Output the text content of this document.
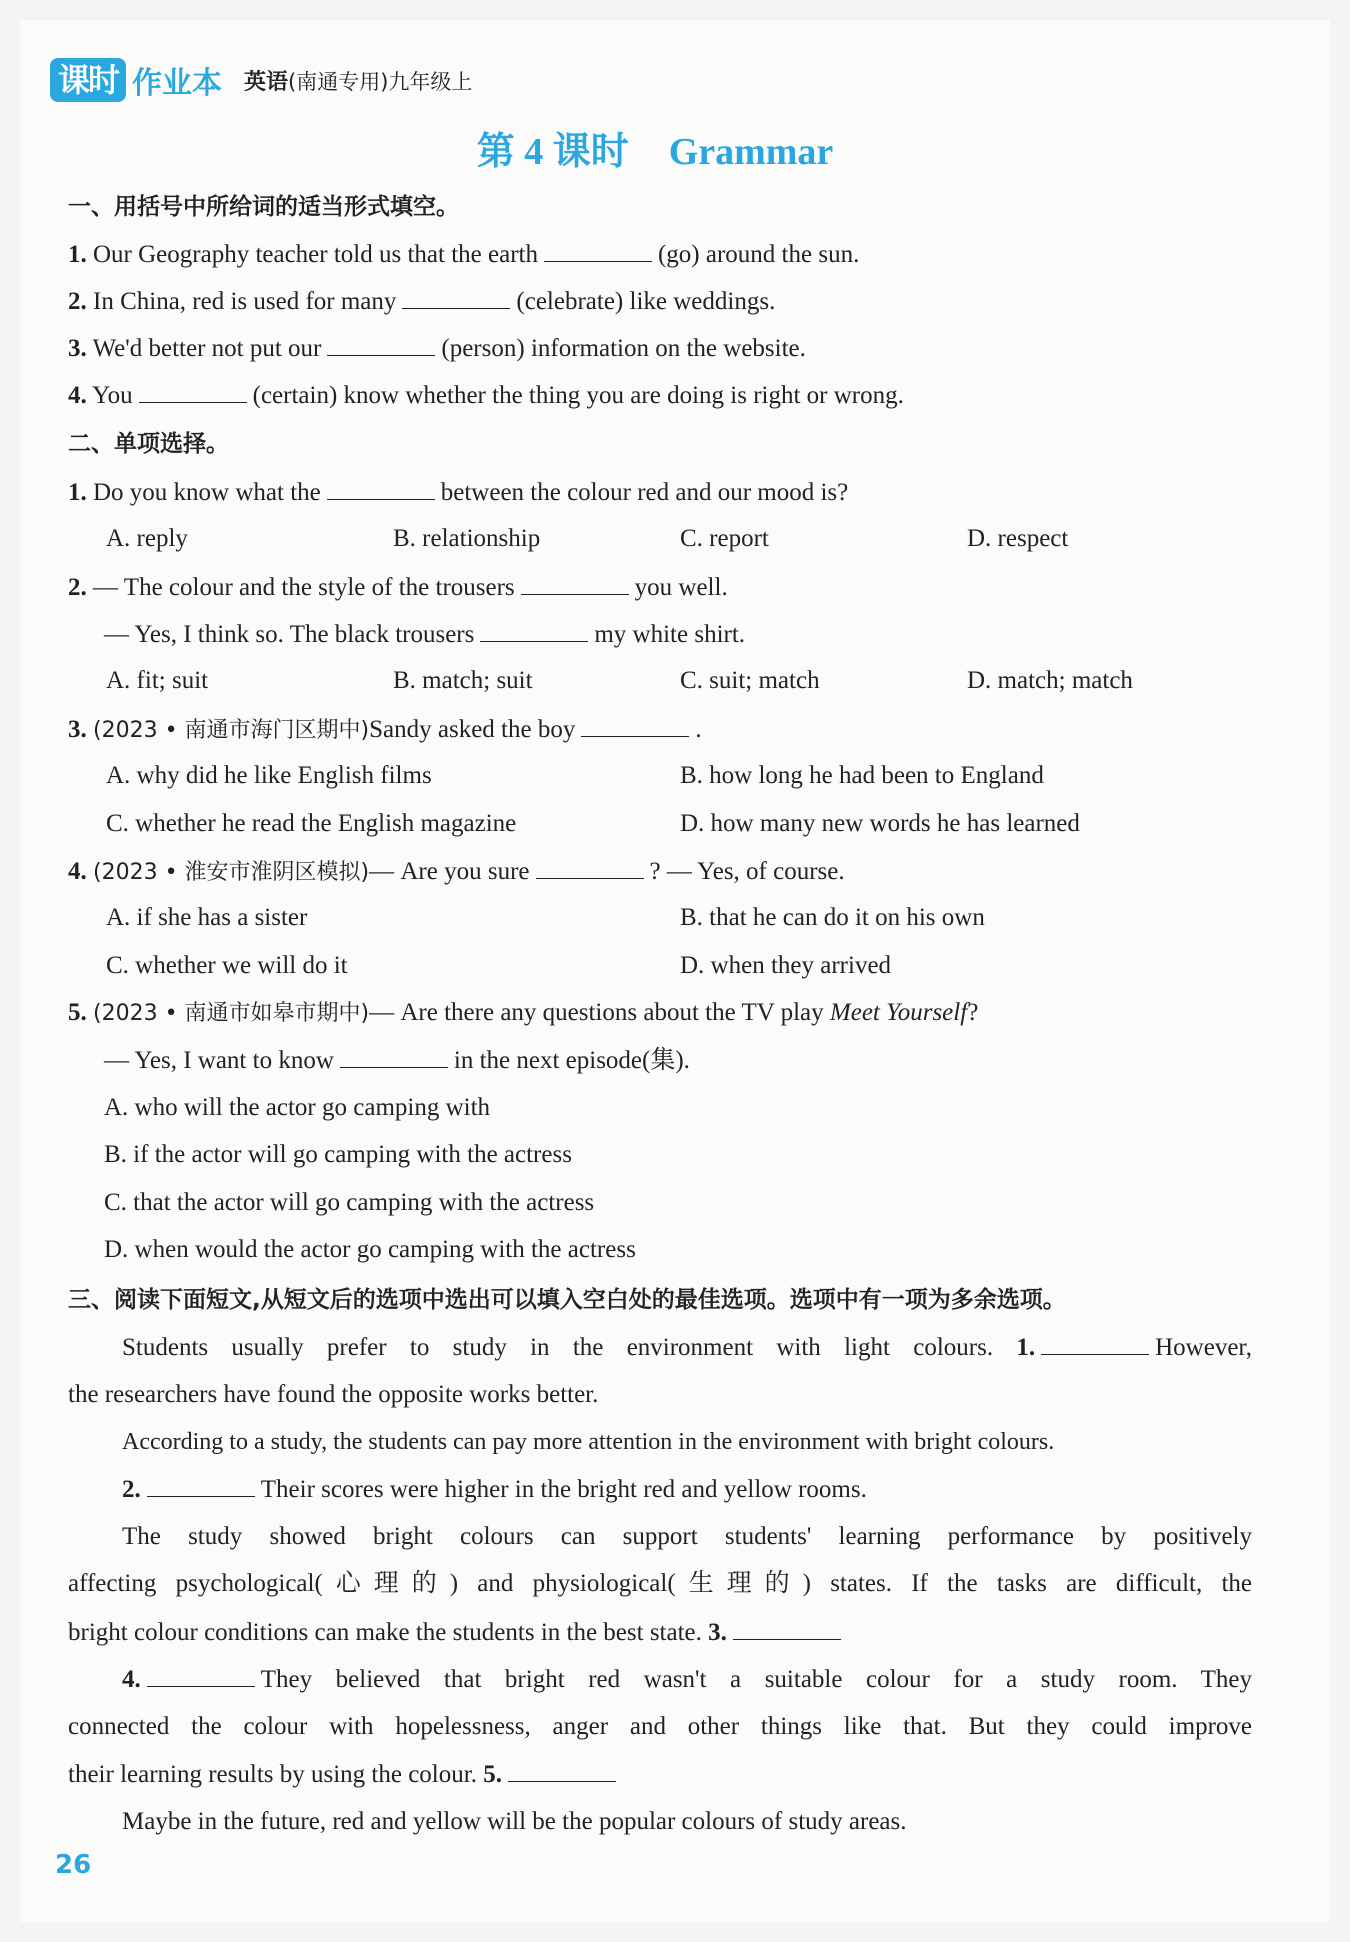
课时 作业本 英语(南通专用)九年级上
第 4 课时 Grammar
一、用括号中所给词的适当形式填空。
1. Our Geography teacher told us that the earth	(go) around the sun.
2. In China, red is used for many	(celebrate) like weddings.
3. We'd better not put our	(person) information on the website.
4. You	(certain) know whether the thing you are doing is right or wrong.
二、单项选择。
1. Do you know what the	between the colour red and our mood is?
A. reply	B. relationship	C. report	D. respect
2. — The colour and the style of the trousers	you well.
— Yes, I think so. The black trousers	my white shirt.
A. fit; suit	B. match; suit	C. suit; match	D. match; match
3. (2023 • 南通市海门区期中)Sandy asked the boy	.
A. why did he like English films	B. how long he had been to England
C. whether he read the English magazine	D. how many new words he has learned
4. (2023 • 淮安市淮阴区模拟)— Are you sure	? — Yes, of course.
A. if she has a sister	B. that he can do it on his own
C. whether we will do it	D. when they arrived
5. (2023 • 南通市如皋市期中)— Are there any questions about the TV play Meet Yourself?
— Yes, I want to know	in the next episode(集).
A. who will the actor go camping with
B. if the actor will go camping with the actress
C. that the actor will go camping with the actress
D. when would the actor go camping with the actress
三、阅读下面短文,从短文后的选项中选出可以填入空白处的最佳选项。选项中有一项为多余选项。
Students usually prefer to study in the environment with light colours. 1.	However,
the researchers have found the opposite works better.
According to a study, the students can pay more attention in the environment with bright colours.
2.	Their scores were higher in the bright red and yellow rooms.
The study showed bright colours can support students' learning performance by positively
affecting psychological(心理的) and physiological(生理的) states. If the tasks are difficult, the
bright colour conditions can make the students in the best state. 3.
4.	They believed that bright red wasn't a suitable colour for a study room. They
connected the colour with hopelessness, anger and other things like that. But they could improve
their learning results by using the colour. 5.
Maybe in the future, red and yellow will be the popular colours of study areas.
26
